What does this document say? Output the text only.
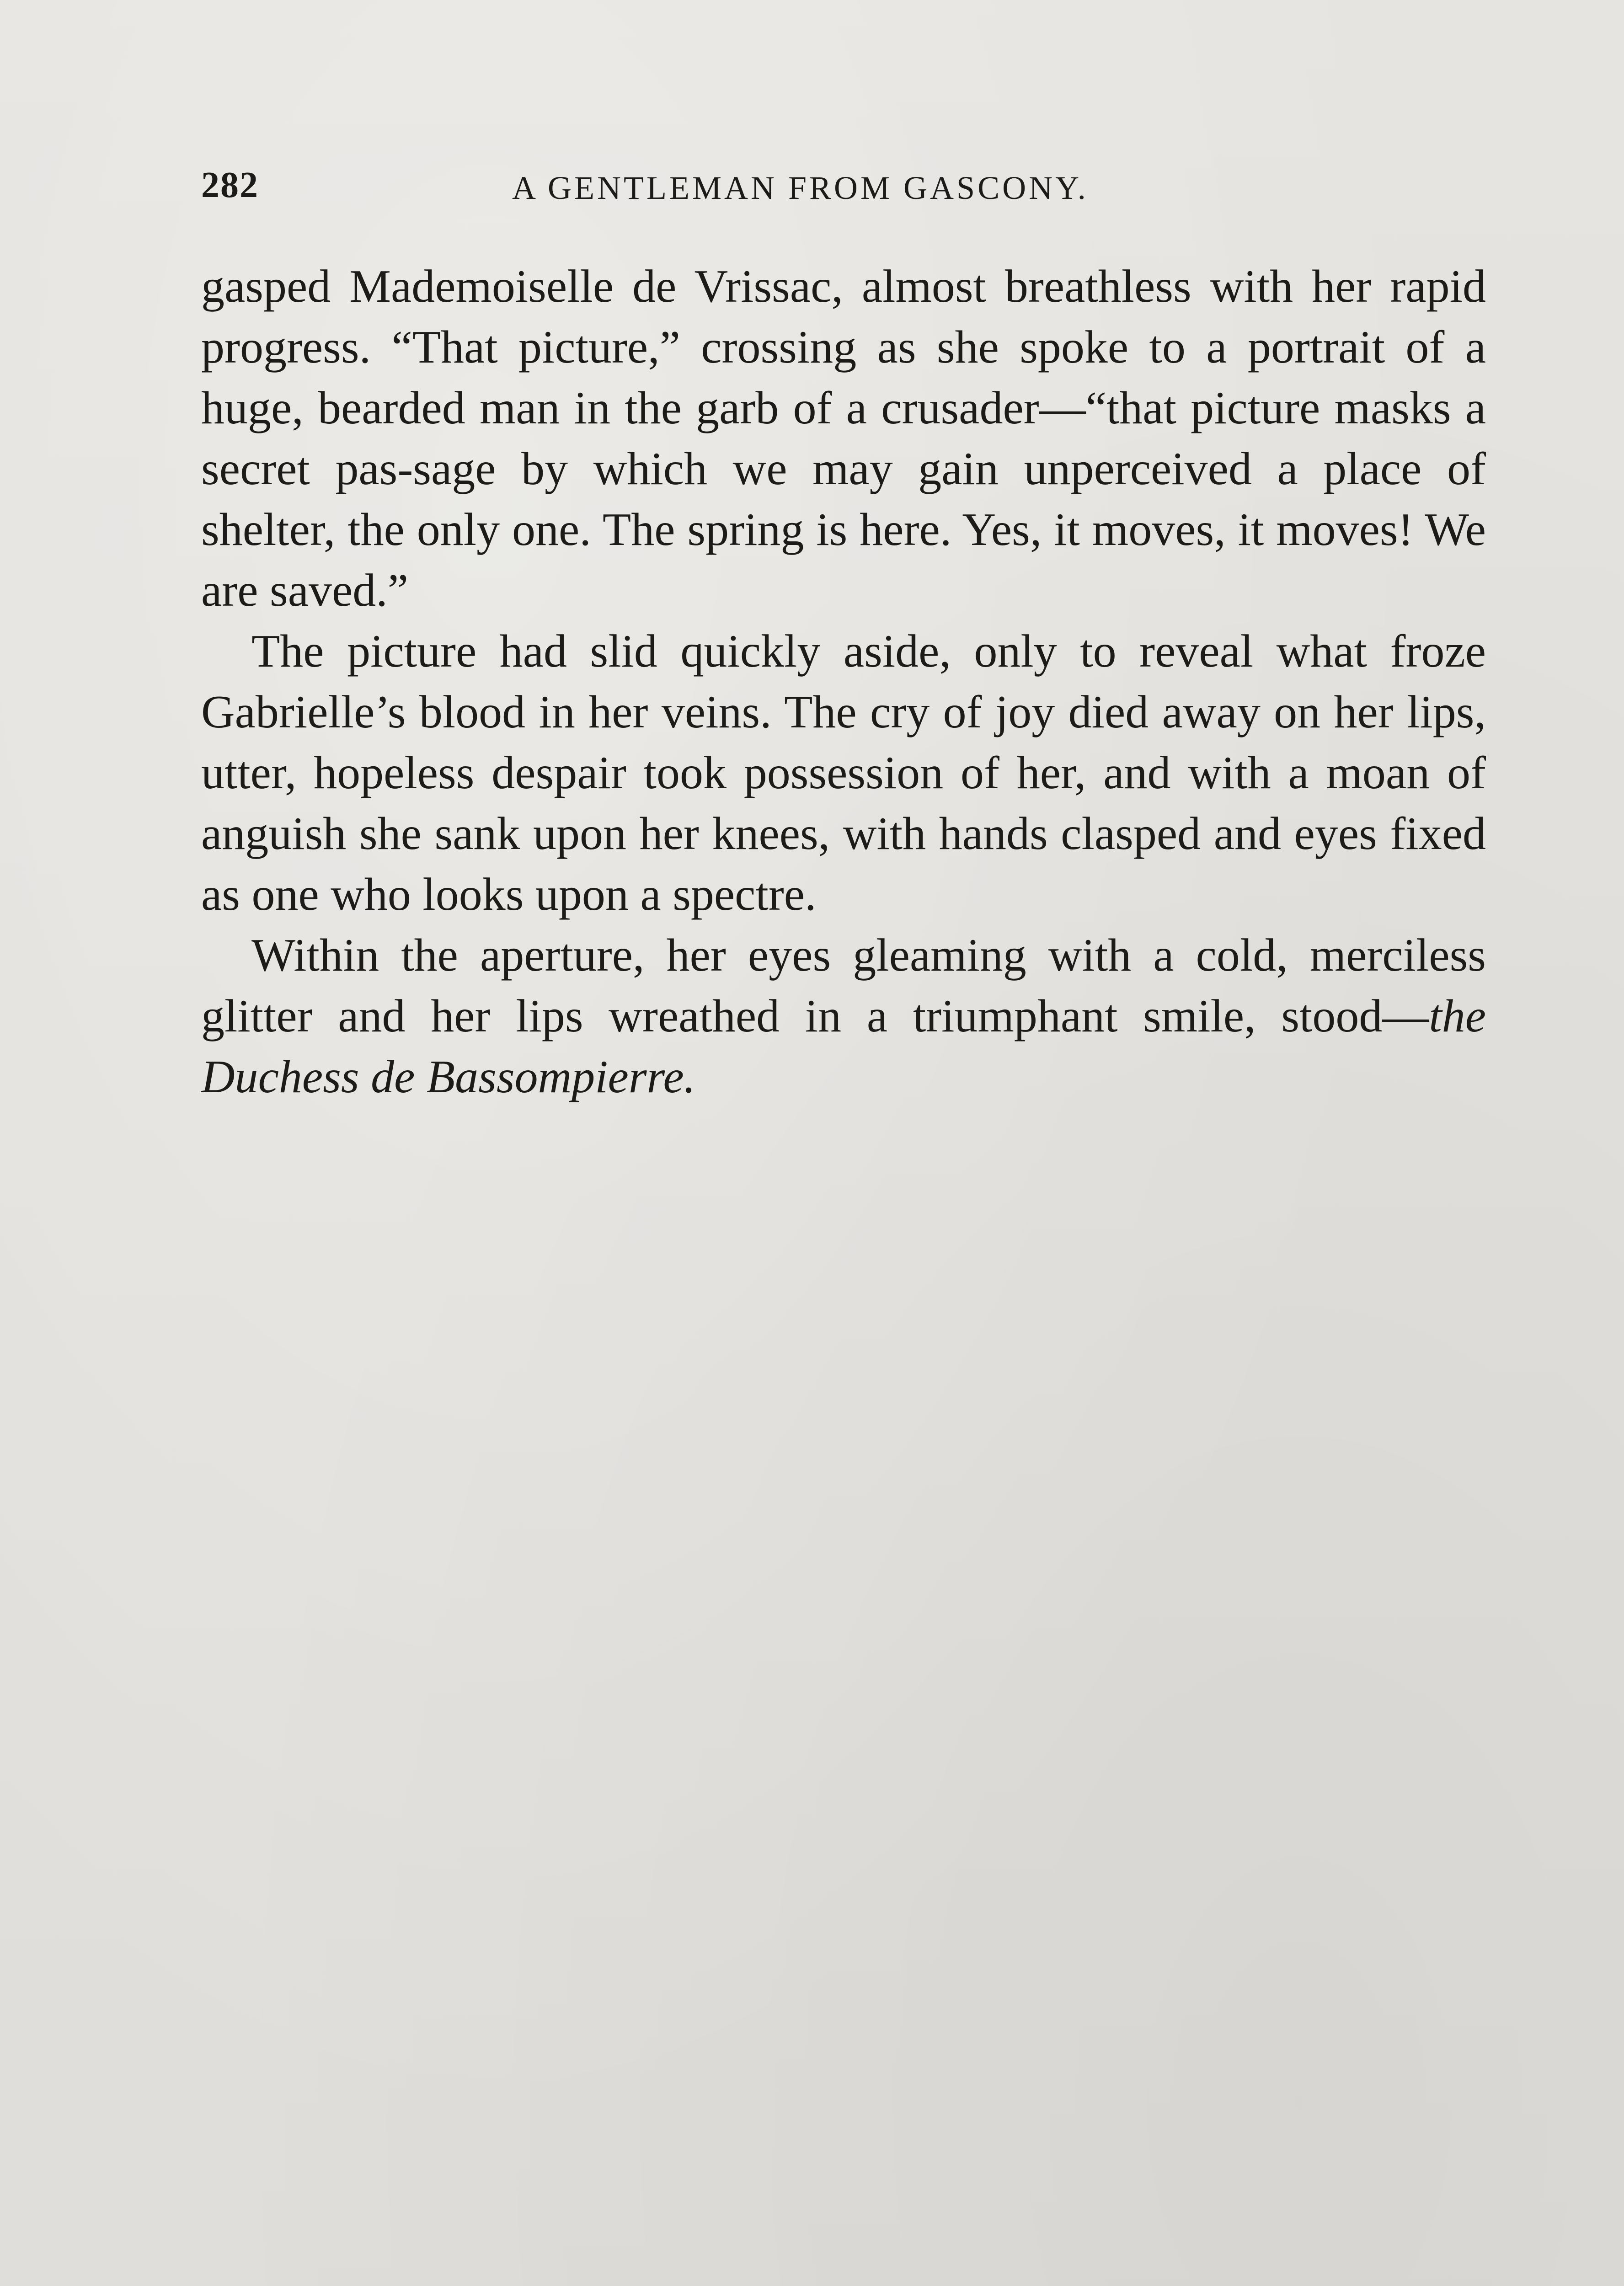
282	A GENTLEMAN FROM GASCONY.

gasped Mademoiselle de Vrissac, almost breathless with her rapid progress. “That picture,” crossing as she spoke to a portrait of a huge, bearded man in the garb of a crusader—“that picture masks a secret pas-sage by which we may gain unperceived a place of shelter, the only one. The spring is here. Yes, it moves, it moves! We are saved.”

The picture had slid quickly aside, only to reveal what froze Gabrielle’s blood in her veins. The cry of joy died away on her lips, utter, hopeless despair took possession of her, and with a moan of anguish she sank upon her knees, with hands clasped and eyes fixed as one who looks upon a spectre.

Within the aperture, her eyes gleaming with a cold, merciless glitter and her lips wreathed in a triumphant smile, stood—the Duchess de Bassompierre.
